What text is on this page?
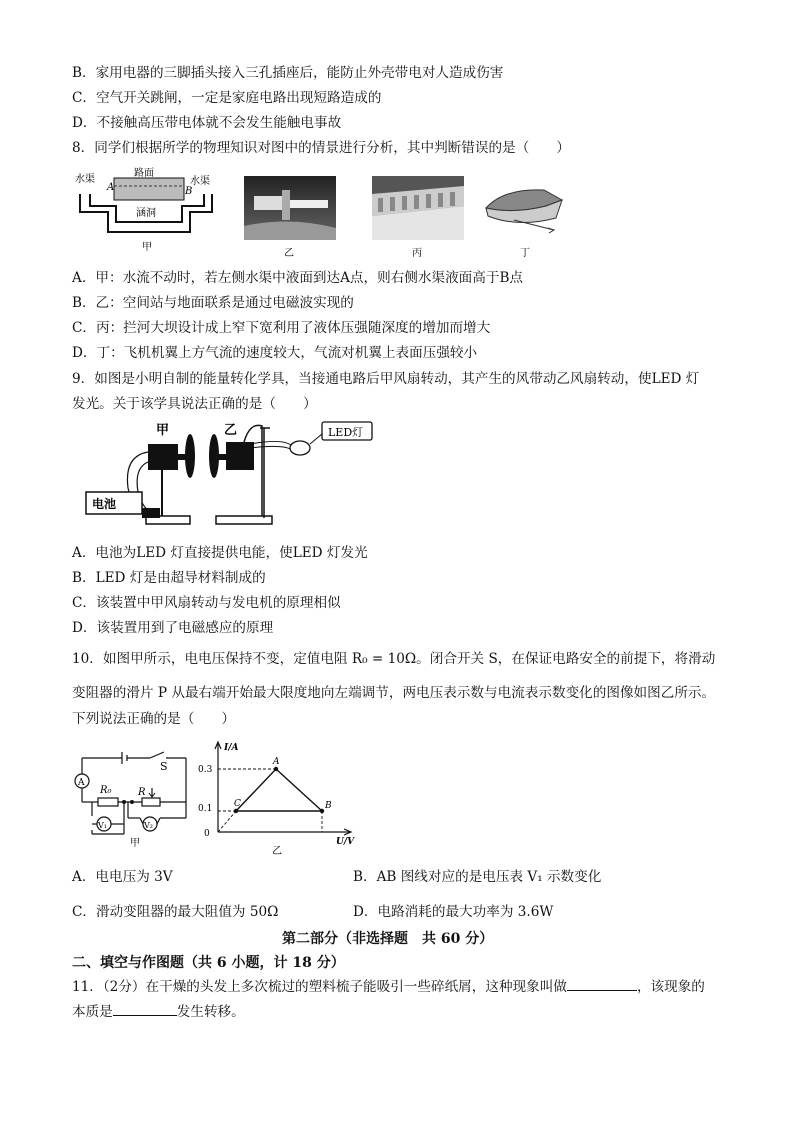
B．家用电器的三脚插头接入三孔插座后，能防止外壳带电对人造成伤害
C．空气开关跳闸，一定是家庭电路出现短路造成的
D．不接触高压带电体就不会发生能触电事故
8．同学们根据所学的物理知识对图中的情景进行分析，其中判断错误的是（　　）
水渠
路面
水渠
A	B
涵洞
甲
乙	丙	丁
A．甲：水流不动时，若左侧水渠中液面到达A点，则右侧水渠液面高于B点
B．乙：空间站与地面联系是通过电磁波实现的
C．丙：拦河大坝设计成上窄下宽利用了液体压强随深度的增加而增大
D．丁：飞机机翼上方气流的速度较大，气流对机翼上表面压强较小
9．如图是小明自制的能量转化学具，当接通电路后甲风扇转动，其产生的风带动乙风扇转动，使LED 灯
发光。关于该学具说法正确的是（　　）
甲	乙	LED灯
电池
A．电池为LED 灯直接提供电能，使LED 灯发光
B．LED 灯是由超导材料制成的
C．该装置中甲风扇转动与发电机的原理相似
D．该装置用到了电磁感应的原理
10．如图甲所示，电电压保持不变，定值电阻 R₀ = 10Ω。闭合开关 S，在保证电路安全的前提下，将滑动
变阻器的滑片 P 从最右端开始最大限度地向左端调节，两电压表示数与电流表示数变化的图像如图乙所示。
下列说法正确的是（　　）
A
S
R₀	R
V₁	V₂
甲
I/A
U/V
0
0.3
0.1
A
B
C
乙
A．电电压为 3V	B．AB 图线对应的是电压表 V₁ 示数变化
C．滑动变阻器的最大阻值为 50Ω	D．电路消耗的最大功率为 3.6W
第二部分（非选择题　共 60 分）
二、填空与作图题（共 6 小题，计 18 分）
11．（2分）在干燥的头发上多次梳过的塑料梳子能吸引一些碎纸屑，这种现象叫做	，该现象的
本质是	发生转移。
